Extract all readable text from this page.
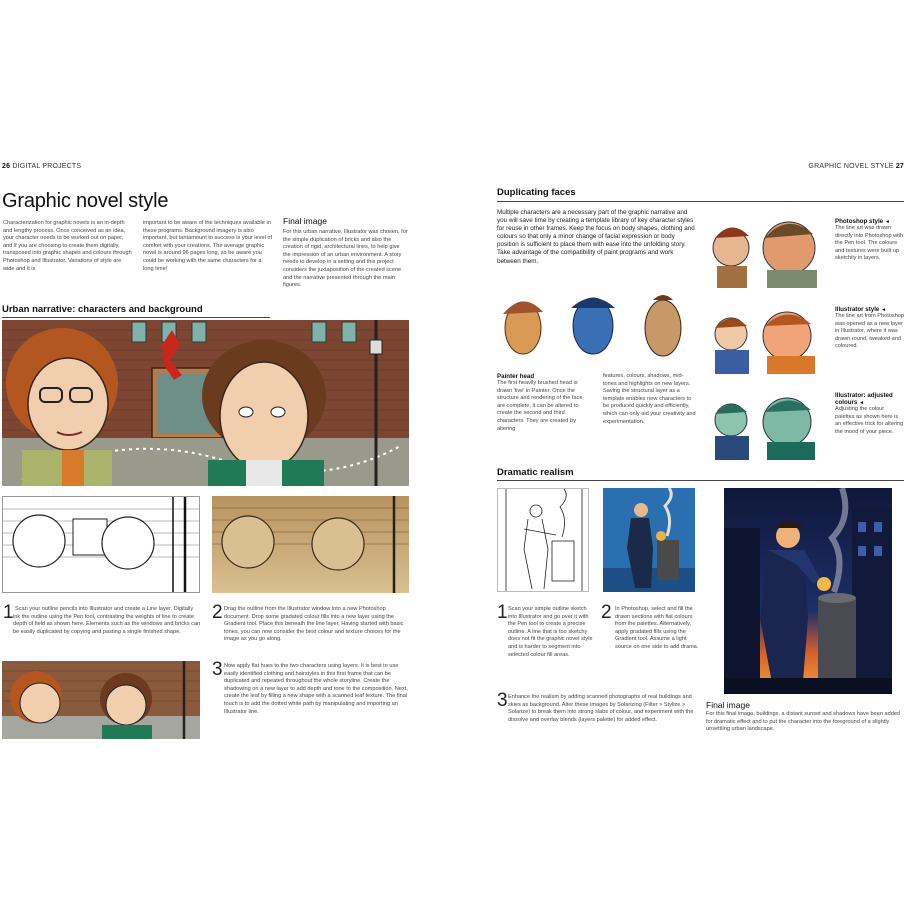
26 DIGITAL PROJECTS
Graphic novel style
Characterization for graphic novels is an in-depth and lengthy process. Once conceived as an idea, your character needs to be worked out on paper, and if you are choosing to create them digitally, transposed into graphic shapes and colours through Photoshop and Illustrator. Variations of style are wide and it is
important to be aware of the techniques available in these programs. Background imagery is also important, but tantamount to success is your level of comfort with your creations. The average graphic novel is around 96 pages long, so be aware you could be working with the same characters for a long time!
Final image
For this urban narrative, Illustrator was chosen, for the simple duplication of bricks and also the creation of rigid, architectural lines, to help give the impression of an urban environment. A story needs to develop in a setting and this project considers the juxtaposition of the created scene and the narrative presented through the main figures.
Urban narrative: characters and background
1 Scan your outline pencils into Illustrator and create a Line layer. Digitally ink the outline using the Pen tool, contrasting the weights of line to create depth of field as shown here. Elements such as the windows and bricks can be easily duplicated by copying and pasting a single finished shape.
2 Drag the outline from the Illustrator window into a new Photoshop document. Drop some gradated colour fills into a new layer using the Gradient tool. Place this beneath the line layer. Having started with basic tones, you can now consider the best colour and texture choices for the image as you go along.
3 Now apply flat hues to the two characters using layers. It is best to use easily identified clothing and hairstyles in this first frame that can be duplicated and repeated throughout the whole storyline. Create the shadowing on a new layer to add depth and tone to the composition. Next, create the leaf by filling a new shape with a scanned leaf texture. The final touch is to add the dotted white path by manipulating and importing an Illustrator line.
GRAPHIC NOVEL STYLE 27
Duplicating faces
Multiple characters are a necessary part of the graphic narrative and you will save time by creating a template library of key character styles for reuse in other frames. Keep the focus on body shapes, clothing and colours so that only a minor change of facial expression or body position is sufficient to place them with ease into the unfolding story. Take advantage of the compatibility of paint programs and work between them.
Photoshop style ◄
The line art was drawn directly into Photoshop with the Pen tool. The colours and textures were built up sketchily in layers.
Illustrator style ◄
The line art from Photoshop was opened as a new layer in Illustrator, where it was drawn round, tweaked and coloured.
Illustrator: adjusted colours ◄
Adjusting the colour palettes as shown here is an effective trick for altering the mood of your piece.
Painter head
The first heavily brushed head is drawn 'live' in Painter. Once the structure and rendering of the face are complete, it can be altered to create the second and third characters. They are created by altering
features, colours, shadows, mid-tones and highlights on new layers. Saving the structural layer as a template enables new characters to be produced quickly and efficiently, which can only aid your creativity and experimentation.
Dramatic realism
1 Scan your simple outline sketch into Illustrator and go over it with the Pen tool to create a precise outline. A line that is too sketchy does not fit the graphic novel style and is harder to segment into selected colour fill areas.
2 In Photoshop, select and fill the drawn sections with flat colours from the palettes. Alternatively, apply gradated fills using the Gradient tool. Assume a light source on one side to add drama.
3 Enhance the realism by adding scanned photographs of real buildings and skies as background. Alter these images by Solarizing (Filter > Stylize > Solarize) to break them into strong slabs of colour, and experiment with the dissolve and overlay blends (layers palette) for added effect.
Final image
For this final image, buildings, a distant sunset and shadows have been added for dramatic effect and to put the character into the foreground of a slightly unsettling urban landscape.
